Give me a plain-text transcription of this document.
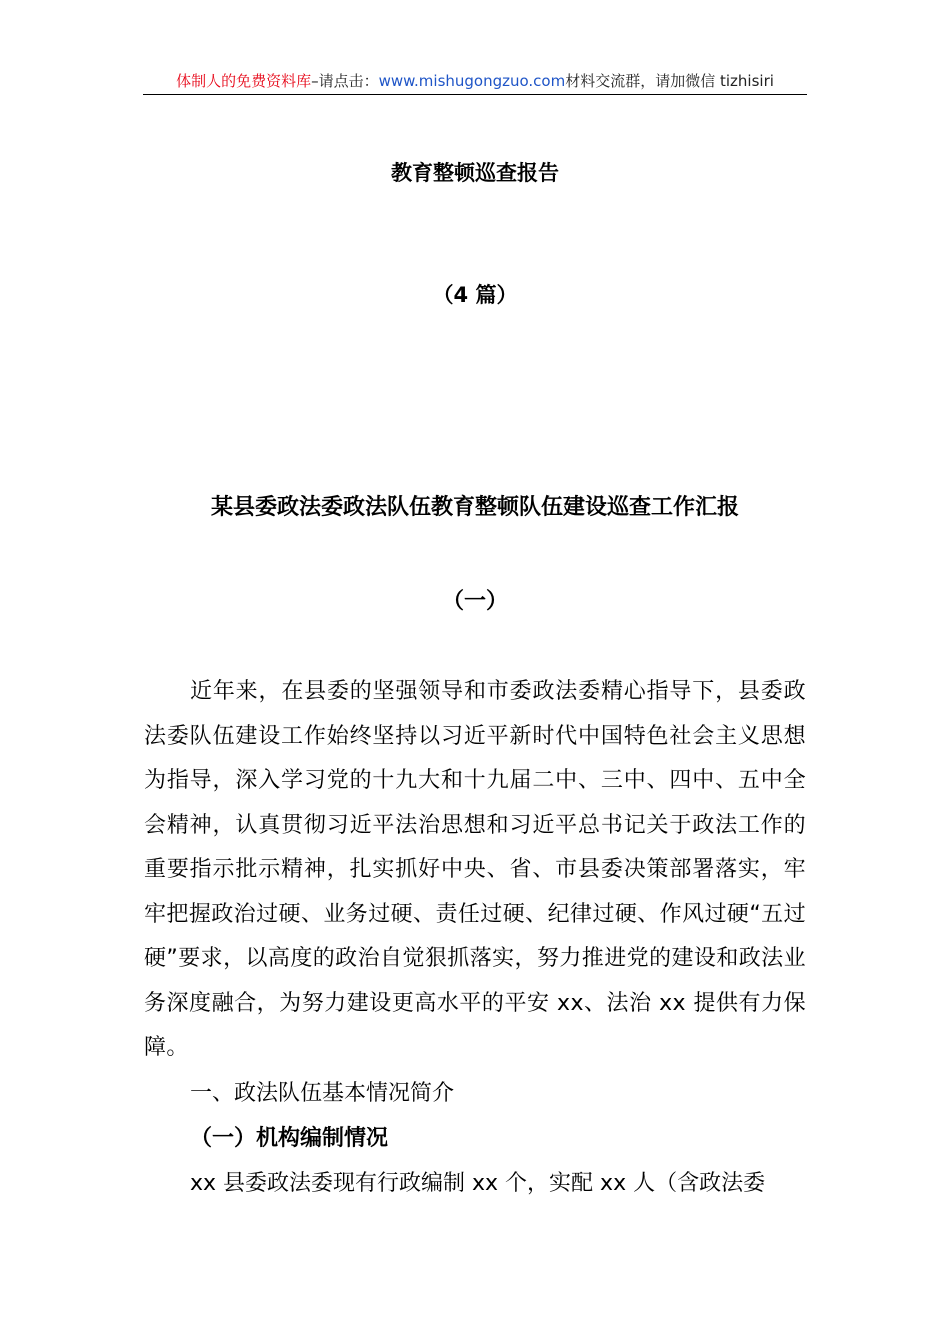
体制人的免费资料库–请点击：www.mishugongzuo.com材料交流群，请加微信 tizhisiri
教育整顿巡查报告
（4 篇）
某县委政法委政法队伍教育整顿队伍建设巡查工作汇报
（一）
近年来，在县委的坚强领导和市委政法委精心指导下，县委政法委队伍建设工作始终坚持以习近平新时代中国特色社会主义思想为指导，深入学习党的十九大和十九届二中、三中、四中、五中全会精神，认真贯彻习近平法治思想和习近平总书记关于政法工作的重要指示批示精神，扎实抓好中央、省、市县委决策部署落实，牢牢把握政治过硬、业务过硬、责任过硬、纪律过硬、作风过硬“五过硬”要求，以高度的政治自觉狠抓落实，努力推进党的建设和政法业务深度融合，为努力建设更高水平的平安 xx、法治 xx 提供有力保障。
一、政法队伍基本情况简介
（一）机构编制情况
xx 县委政法委现有行政编制 xx 个，实配 xx 人（含政法委
